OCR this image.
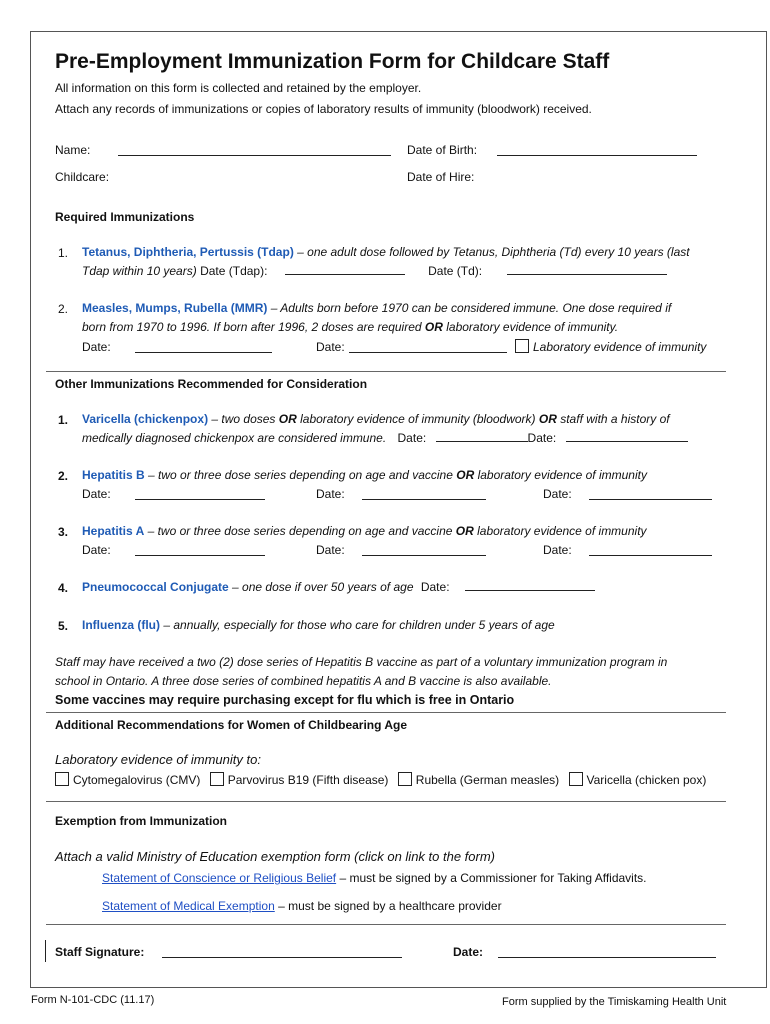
Pre-Employment Immunization Form for Childcare Staff
All information on this form is collected and retained by the employer.
Attach any records of immunizations or copies of laboratory results of immunity (bloodwork) received.
Name:	Date of Birth:
Childcare:	Date of Hire:
Required Immunizations
1. Tetanus, Diphtheria, Pertussis (Tdap) – one adult dose followed by Tetanus, Diphtheria (Td) every 10 years (last
Tdap within 10 years) Date (Tdap):	Date (Td):
2. Measles, Mumps, Rubella (MMR) – Adults born before 1970 can be considered immune. One dose required if
born from 1970 to 1996. If born after 1996, 2 doses are required OR laboratory evidence of immunity.
Date:	Date:	Laboratory evidence of immunity
Other Immunizations Recommended for Consideration
1. Varicella (chickenpox) – two doses OR laboratory evidence of immunity (bloodwork) OR staff with a history of
medically diagnosed chickenpox are considered immune. Date:	Date:
2. Hepatitis B – two or three dose series depending on age and vaccine OR laboratory evidence of immunity
Date:	Date:	Date:
3. Hepatitis A – two or three dose series depending on age and vaccine OR laboratory evidence of immunity
Date:	Date:	Date:
4. Pneumococcal Conjugate – one dose if over 50 years of age Date:
5. Influenza (flu) – annually, especially for those who care for children under 5 years of age
Staff may have received a two (2) dose series of Hepatitis B vaccine as part of a voluntary immunization program in
school in Ontario. A three dose series of combined hepatitis A and B vaccine is also available.
Some vaccines may require purchasing except for flu which is free in Ontario
Additional Recommendations for Women of Childbearing Age
Laboratory evidence of immunity to:
Cytomegalovirus (CMV) Parvovirus B19 (Fifth disease) Rubella (German measles) Varicella (chicken pox)
Exemption from Immunization
Attach a valid Ministry of Education exemption form (click on link to the form)
Statement of Conscience or Religious Belief – must be signed by a Commissioner for Taking Affidavits.
Statement of Medical Exemption – must be signed by a healthcare provider
Staff Signature:	Date:
Form N-101-CDC (11.17)	Form supplied by the Timiskaming Health Unit
